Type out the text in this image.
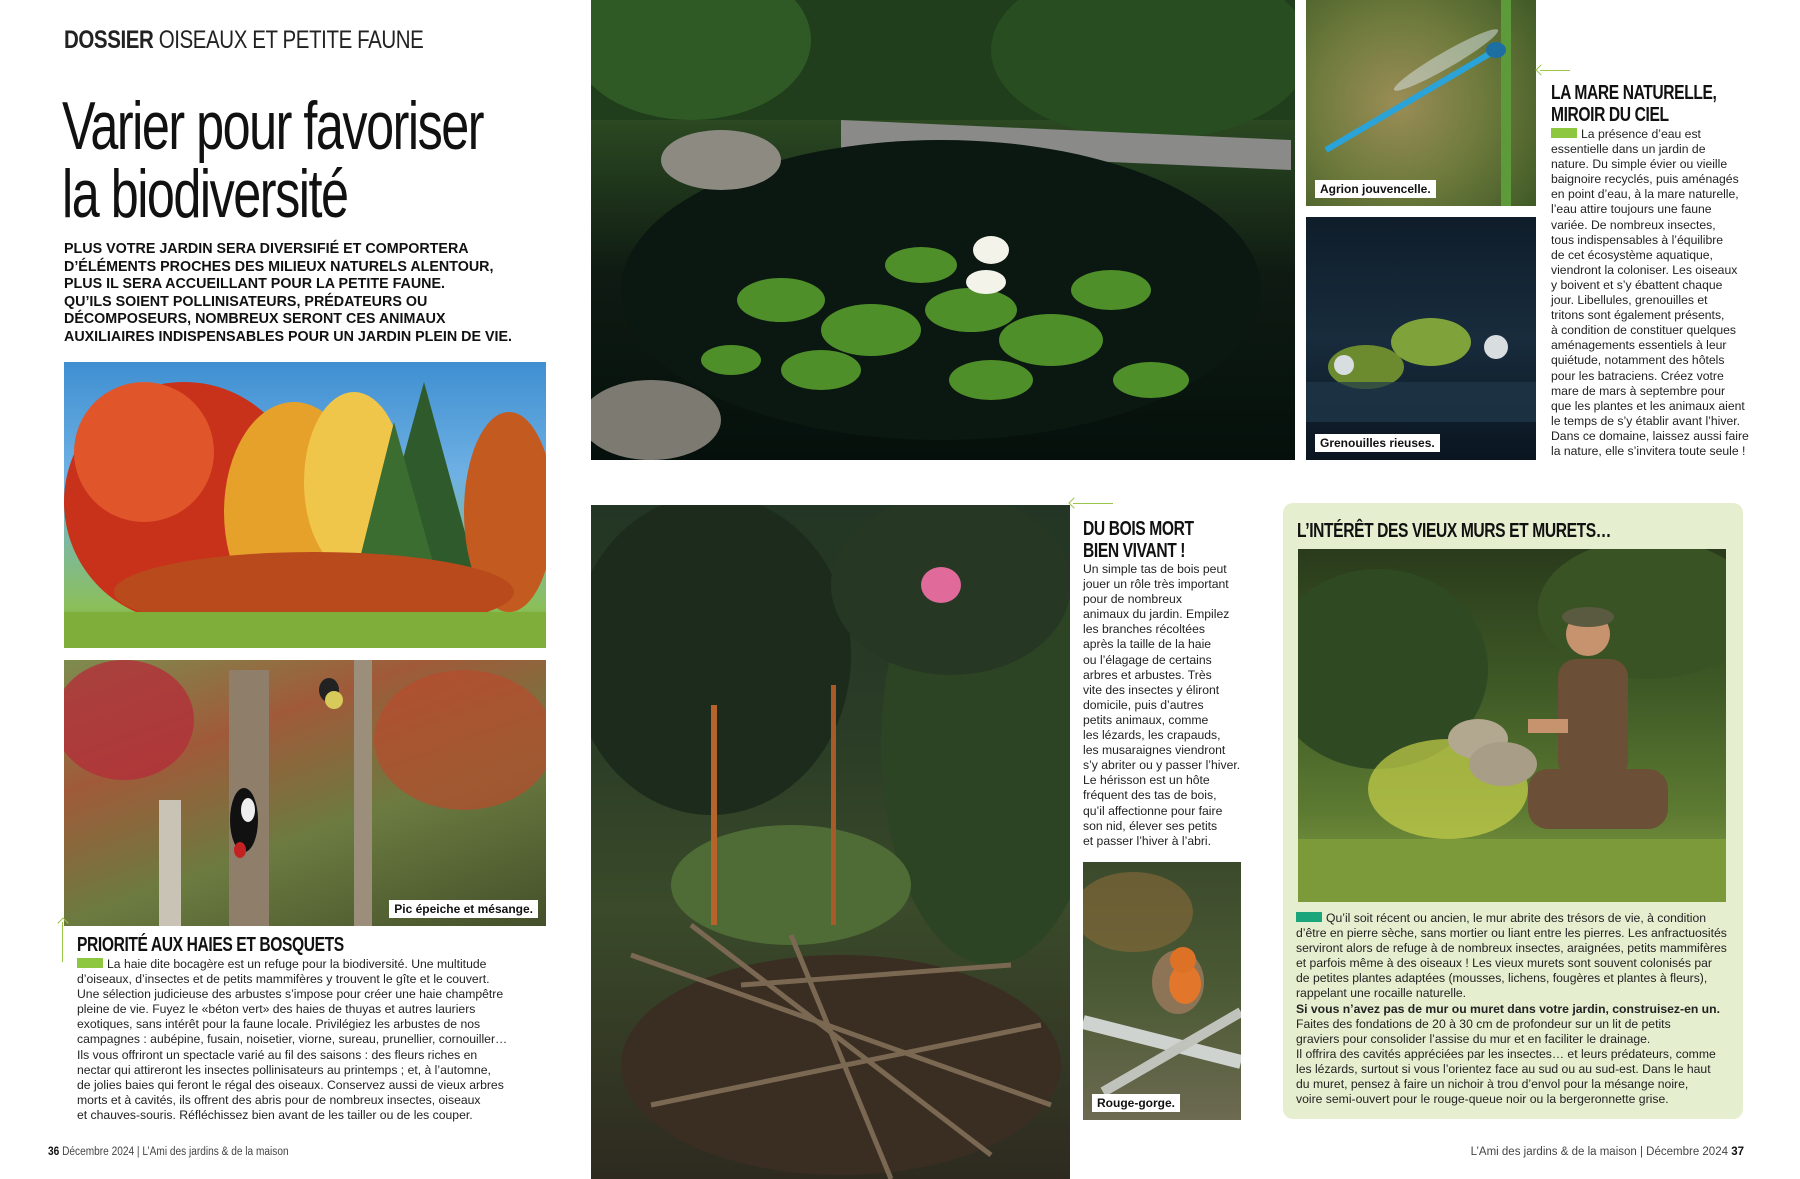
DOSSIER OISEAUX ET PETITE FAUNE
Varier pour favoriser
la biodiversité
PLUS VOTRE JARDIN SERA DIVERSIFIÉ ET COMPORTERA
D’ÉLÉMENTS PROCHES DES MILIEUX NATURELS ALENTOUR,
PLUS IL SERA ACCUEILLANT POUR LA PETITE FAUNE.
QU’ILS SOIENT POLLINISATEURS, PRÉDATEURS OU
DÉCOMPOSEURS, NOMBREUX SERONT CES ANIMAUX
AUXILIAIRES INDISPENSABLES POUR UN JARDIN PLEIN DE VIE.
Pic épeiche et mésange.
PRIORITÉ AUX HAIES ET BOSQUETS
La haie dite bocagère est un refuge pour la biodiversité. Une multitude
d’oiseaux, d’insectes et de petits mammifères y trouvent le gîte et le couvert.
Une sélection judicieuse des arbustes s’impose pour créer une haie champêtre
pleine de vie. Fuyez le «béton vert» des haies de thuyas et autres lauriers
exotiques, sans intérêt pour la faune locale. Privilégiez les arbustes de nos
campagnes : aubépine, fusain, noisetier, viorne, sureau, prunellier, cornouiller…
Ils vous offriront un spectacle varié au fil des saisons : des fleurs riches en
nectar qui attireront les insectes pollinisateurs au printemps ; et, à l’automne,
de jolies baies qui feront le régal des oiseaux. Conservez aussi de vieux arbres
morts et à cavités, ils offrent des abris pour de nombreux insectes, oiseaux
et chauves-souris. Réfléchissez bien avant de les tailler ou de les couper.
Agrion jouvencelle.
Grenouilles rieuses.
LA MARE NATURELLE,
MIROIR DU CIEL
La présence d’eau est
essentielle dans un jardin de
nature. Du simple évier ou vieille
baignoire recyclés, puis aménagés
en point d’eau, à la mare naturelle,
l’eau attire toujours une faune
variée. De nombreux insectes,
tous indispensables à l’équilibre
de cet écosystème aquatique,
viendront la coloniser. Les oiseaux
y boivent et s’y ébattent chaque
jour. Libellules, grenouilles et
tritons sont également présents,
à condition de constituer quelques
aménagements essentiels à leur
quiétude, notamment des hôtels
pour les batraciens. Créez votre
mare de mars à septembre pour
que les plantes et les animaux aient
le temps de s’y établir avant l’hiver.
Dans ce domaine, laissez aussi faire
la nature, elle s’invitera toute seule !
DU BOIS MORT
BIEN VIVANT !
Un simple tas de bois peut
jouer un rôle très important
pour de nombreux
animaux du jardin. Empilez
les branches récoltées
après la taille de la haie
ou l’élagage de certains
arbres et arbustes. Très
vite des insectes y éliront
domicile, puis d’autres
petits animaux, comme
les lézards, les crapauds,
les musaraignes viendront
s’y abriter ou y passer l’hiver.
Le hérisson est un hôte
fréquent des tas de bois,
qu’il affectionne pour faire
son nid, élever ses petits
et passer l’hiver à l’abri.
Rouge-gorge.
L’INTÉRÊT DES VIEUX MURS ET MURETS…
Qu’il soit récent ou ancien, le mur abrite des trésors de vie, à condition
d’être en pierre sèche, sans mortier ou liant entre les pierres. Les anfractuosités
serviront alors de refuge à de nombreux insectes, araignées, petits mammifères
et parfois même à des oiseaux ! Les vieux murets sont souvent colonisés par
de petites plantes adaptées (mousses, lichens, fougères et plantes à fleurs),
rappelant une rocaille naturelle.
Si vous n’avez pas de mur ou muret dans votre jardin, construisez-en un.
Faites des fondations de 20 à 30 cm de profondeur sur un lit de petits
graviers pour consolider l’assise du mur et en faciliter le drainage.
Il offrira des cavités appréciées par les insectes… et leurs prédateurs, comme
les lézards, surtout si vous l’orientez face au sud ou au sud-est. Dans le haut
du muret, pensez à faire un nichoir à trou d’envol pour la mésange noire,
voire semi-ouvert pour le rouge-queue noir ou la bergeronnette grise.
36 Décembre 2024 | L’Ami des jardins & de la maison	L’Ami des jardins & de la maison | Décembre 2024 37
